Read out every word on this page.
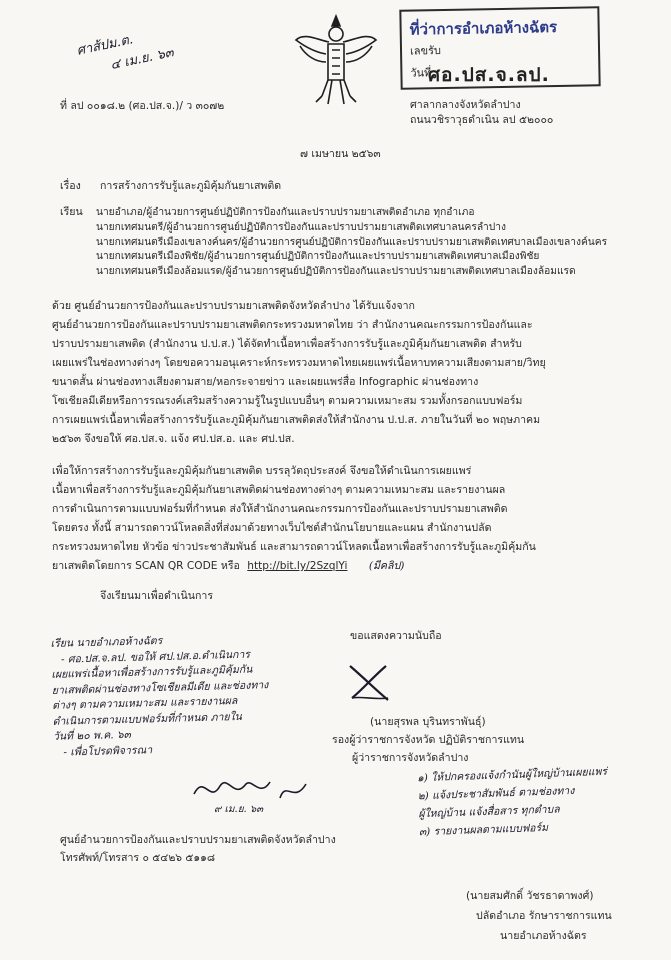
ศาส้ปม.ต.
๔ เม.ย. ๖๓
ที่ว่าการอำเภอห้างฉัตร
เลขรับ
วันที่
ศอ.ปส.จ.ลป.
ที่ ลป ๐๐๑๘.๒ (ศอ.ปส.จ.)/ ว ๓๐๗๒	ศาลากลางจังหวัดลำปาง
ถนนวชิราวุธดำเนิน ลป ๕๒๐๐๐
๗ เมษายน ๒๕๖๓
เรื่อง การสร้างการรับรู้และภูมิคุ้มกันยาเสพติด
เรียน นายอำเภอ/ผู้อำนวยการศูนย์ปฏิบัติการป้องกันและปราบปรามยาเสพติดอำเภอ ทุกอำเภอ
นายกเทศมนตรี/ผู้อำนวยการศูนย์ปฏิบัติการป้องกันและปราบปรามยาเสพติดเทศบาลนครลำปาง
นายกเทศมนตรีเมืองเขลางค์นคร/ผู้อำนวยการศูนย์ปฏิบัติการป้องกันและปราบปรามยาเสพติดเทศบาลเมืองเขลางค์นคร
นายกเทศมนตรีเมืองพิชัย/ผู้อำนวยการศูนย์ปฏิบัติการป้องกันและปราบปรามยาเสพติดเทศบาลเมืองพิชัย
นายกเทศมนตรีเมืองล้อมแรด/ผู้อำนวยการศูนย์ปฏิบัติการป้องกันและปราบปรามยาเสพติดเทศบาลเมืองล้อมแรด
ด้วย ศูนย์อำนวยการป้องกันและปราบปรามยาเสพติดจังหวัดลำปาง ได้รับแจ้งจาก
ศูนย์อำนวยการป้องกันและปราบปรามยาเสพติดกระทรวงมหาดไทย ว่า สำนักงานคณะกรรมการป้องกันและ
ปราบปรามยาเสพติด (สำนักงาน ป.ป.ส.) ได้จัดทำเนื้อหาเพื่อสร้างการรับรู้และภูมิคุ้มกันยาเสพติด สำหรับ
เผยแพร่ในช่องทางต่างๆ โดยขอความอนุเคราะห์กระทรวงมหาดไทยเผยแพร่เนื้อหาบทความเสียงตามสาย/วิทยุ
ขนาดสั้น ผ่านช่องทางเสียงตามสาย/หอกระจายข่าว และเผยแพร่สื่อ Infographic ผ่านช่องทาง
โซเชียลมีเดียหรือการรณรงค์เสริมสร้างความรู้ในรูปแบบอื่นๆ ตามความเหมาะสม รวมทั้งกรอกแบบฟอร์ม
การเผยแพร่เนื้อหาเพื่อสร้างการรับรู้และภูมิคุ้มกันยาเสพติดส่งให้สำนักงาน ป.ป.ส. ภายในวันที่ ๒๐ พฤษภาคม
๒๕๖๓ จึงขอให้ ศอ.ปส.จ. แจ้ง ศป.ปส.อ. และ ศป.ปส.
เพื่อให้การสร้างการรับรู้และภูมิคุ้มกันยาเสพติด บรรลุวัตถุประสงค์ จึงขอให้ดำเนินการเผยแพร่
เนื้อหาเพื่อสร้างการรับรู้และภูมิคุ้มกันยาเสพติดผ่านช่องทางต่างๆ ตามความเหมาะสม และรายงานผล
การดำเนินการตามแบบฟอร์มที่กำหนด ส่งให้สำนักงานคณะกรรมการป้องกันและปราบปรามยาเสพติด
โดยตรง ทั้งนี้ สามารถดาวน์โหลดสิ่งที่ส่งมาด้วยทางเว็บไซต์สำนักนโยบายและแผน สำนักงานปลัด
กระทรวงมหาดไทย หัวข้อ ข่าวประชาสัมพันธ์ และสามารถดาวน์โหลดเนื้อหาเพื่อสร้างการรับรู้และภูมิคุ้มกัน
ยาเสพติดโดยการ SCAN QR CODE หรือ http://bit.ly/2SzqlYi (มีคลิป)
จึงเรียนมาเพื่อดำเนินการ
ขอแสดงความนับถือ
(นายสุรพล บุรินทราพันธุ์)
รองผู้ว่าราชการจังหวัด ปฏิบัติราชการแทน
ผู้ว่าราชการจังหวัดลำปาง
เรียน นายอำเภอห้างฉัตร
- ศอ.ปส.จ.ลป. ขอให้ ศป.ปส.อ.ดำเนินการ
เผยแพร่เนื้อหาเพื่อสร้างการรับรู้และภูมิคุ้มกัน
ยาเสพติดผ่านช่องทางโซเชียลมีเดีย และช่องทาง
ต่างๆ ตามความเหมาะสม และรายงานผล
ดำเนินการตามแบบฟอร์มที่กำหนด ภายใน
วันที่ ๒๐ พ.ค. ๖๓
- เพื่อโปรดพิจารณา
๙ เม.ย. ๖๓
๑) ให้ปกครองแจ้งกำนันผู้ใหญ่บ้านเผยแพร่
๒) แจ้งประชาสัมพันธ์ ตามช่องทาง
ผู้ใหญ่บ้าน แจ้งสื่อสาร ทุกตำบล
๓) รายงานผลตามแบบฟอร์ม
ศูนย์อำนวยการป้องกันและปราบปรามยาเสพติดจังหวัดลำปาง
โทรศัพท์/โทรสาร ๐ ๕๔๒๖ ๕๑๑๘
(นายสมศักดิ์ วัชรธาดาพงศ์)
ปลัดอำเภอ รักษาราชการแทน
นายอำเภอห้างฉัตร
